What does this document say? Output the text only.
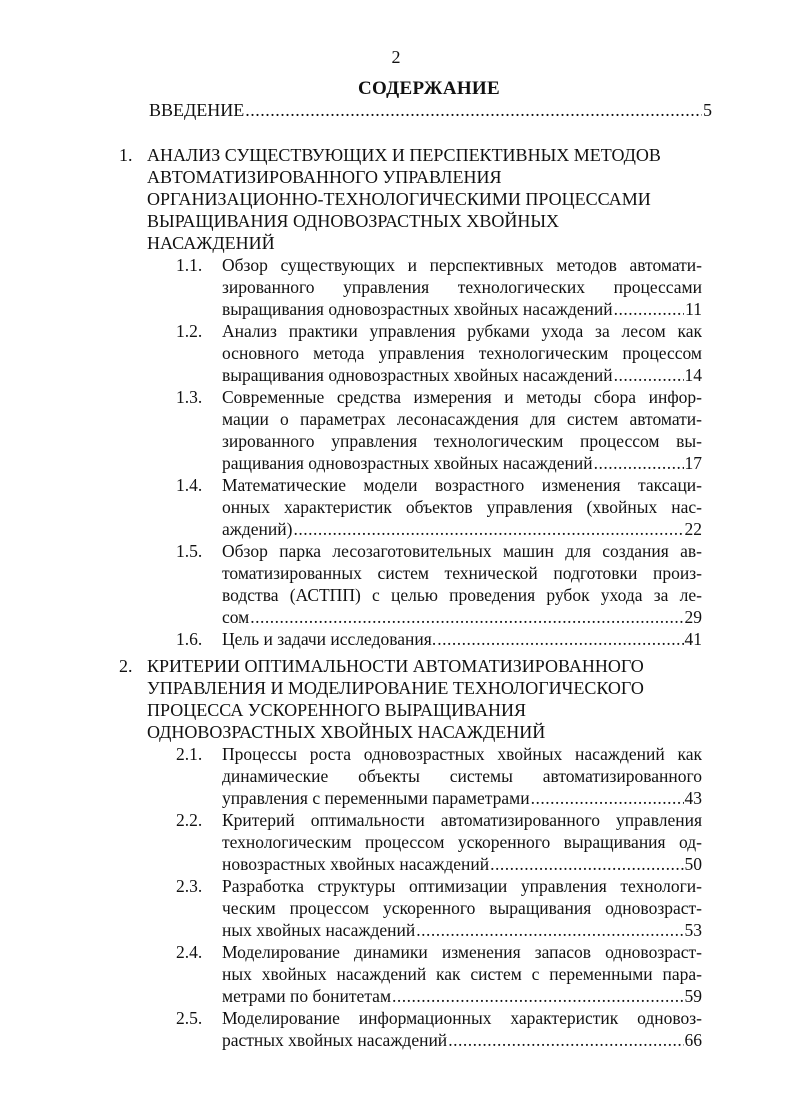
2
СОДЕРЖАНИЕ
ВВЕДЕНИЕ .....	5
1. АНАЛИЗ СУЩЕСТВУЮЩИХ И ПЕРСПЕКТИВНЫХ МЕТОДОВ
АВТОМАТИЗИРОВАННОГО УПРАВЛЕНИЯ
ОРГАНИЗАЦИОННО-ТЕХНОЛОГИЧЕСКИМИ ПРОЦЕССАМИ
ВЫРАЩИВАНИЯ ОДНОВОЗРАСТНЫХ ХВОЙНЫХ
НАСАЖДЕНИЙ
1.1.	Обзор существующих и перспективных методов автомати-
зированного управления технологических процессами
выращивания одновозрастных хвойных насаждений .....	11
1.2.	Анализ практики управления рубками ухода за лесом как
основного метода управления технологическим процессом
выращивания одновозрастных хвойных насаждений .....	14
1.3.	Современные средства измерения и методы сбора инфор-
мации о параметрах лесонасаждения для систем автомати-
зированного управления технологическим процессом вы-
ращивания одновозрастных хвойных насаждений .....	17
1.4.	Математические модели возрастного изменения таксаци-
онных характеристик объектов управления (хвойных нас-
аждений) .....	22
1.5.	Обзор парка лесозаготовительных машин для создания ав-
томатизированных систем технической подготовки произ-
водства (АСТПП) с целью проведения рубок ухода за ле-
сом .....	29
1.6.	Цель и задачи исследования. .....	41
2. КРИТЕРИИ ОПТИМАЛЬНОСТИ АВТОМАТИЗИРОВАННОГО
УПРАВЛЕНИЯ И МОДЕЛИРОВАНИЕ ТЕХНОЛОГИЧЕСКОГО
ПРОЦЕССА УСКОРЕННОГО ВЫРАЩИВАНИЯ
ОДНОВОЗРАСТНЫХ ХВОЙНЫХ НАСАЖДЕНИЙ
2.1.	Процессы роста одновозрастных хвойных насаждений как
динамические объекты системы автоматизированного
управления с переменными параметрами .....	43
2.2.	Критерий оптимальности автоматизированного управления
технологическим процессом ускоренного выращивания од-
новозрастных хвойных насаждений .....	50
2.3.	Разработка структуры оптимизации управления технологи-
ческим процессом ускоренного выращивания одновозраст-
ных хвойных насаждений .....	53
2.4.	Моделирование динамики изменения запасов одновозраст-
ных хвойных насаждений как систем с переменными пара-
метрами по бонитетам .....	59
2.5.	Моделирование информационных характеристик одновоз-
растных хвойных насаждений .....	66
